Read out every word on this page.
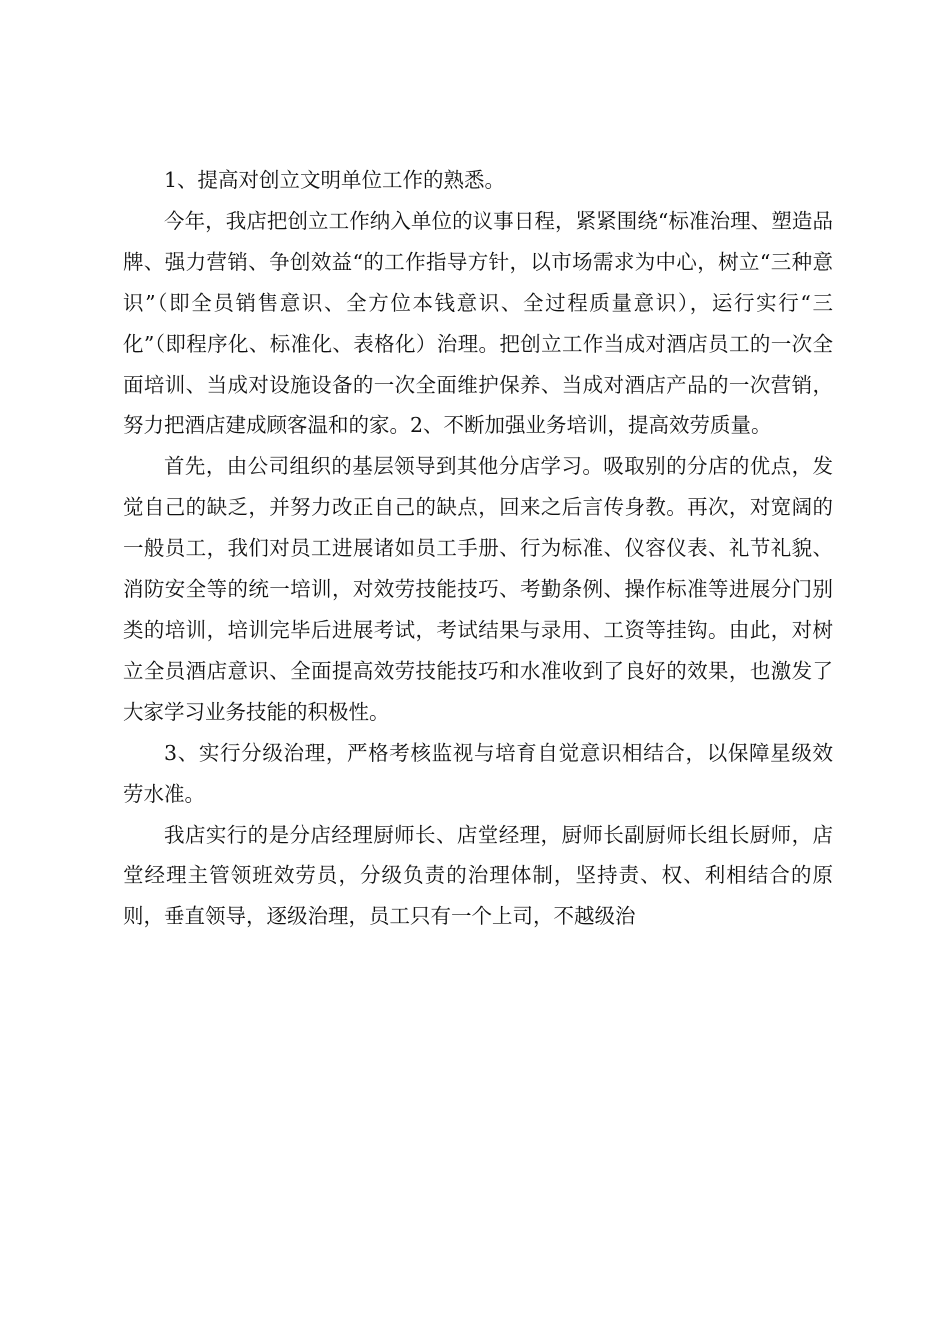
1、提高对创立文明单位工作的熟悉。

今年，我店把创立工作纳入单位的议事日程，紧紧围绕“标准治理、塑造品牌、强力营销、争创效益“的工作指导方针，以市场需求为中心，树立“三种意识”（即全员销售意识、全方位本钱意识、全过程质量意识），运行实行“三化”（即程序化、标准化、表格化）治理。把创立工作当成对酒店员工的一次全面培训、当成对设施设备的一次全面维护保养、当成对酒店产品的一次营销，努力把酒店建成顾客温和的家。2、不断加强业务培训，提高效劳质量。

首先，由公司组织的基层领导到其他分店学习。吸取别的分店的优点，发觉自己的缺乏，并努力改正自己的缺点，回来之后言传身教。再次，对宽阔的一般员工，我们对员工进展诸如员工手册、行为标准、仪容仪表、礼节礼貌、消防安全等的统一培训，对效劳技能技巧、考勤条例、操作标准等进展分门别类的培训，培训完毕后进展考试，考试结果与录用、工资等挂钩。由此，对树立全员酒店意识、全面提高效劳技能技巧和水准收到了良好的效果，也激发了大家学习业务技能的积极性。

3、实行分级治理，严格考核监视与培育自觉意识相结合，以保障星级效劳水准。

我店实行的是分店经理厨师长、店堂经理，厨师长副厨师长组长厨师，店堂经理主管领班效劳员，分级负责的治理体制，坚持责、权、利相结合的原则，垂直领导，逐级治理，员工只有一个上司，不越级治
